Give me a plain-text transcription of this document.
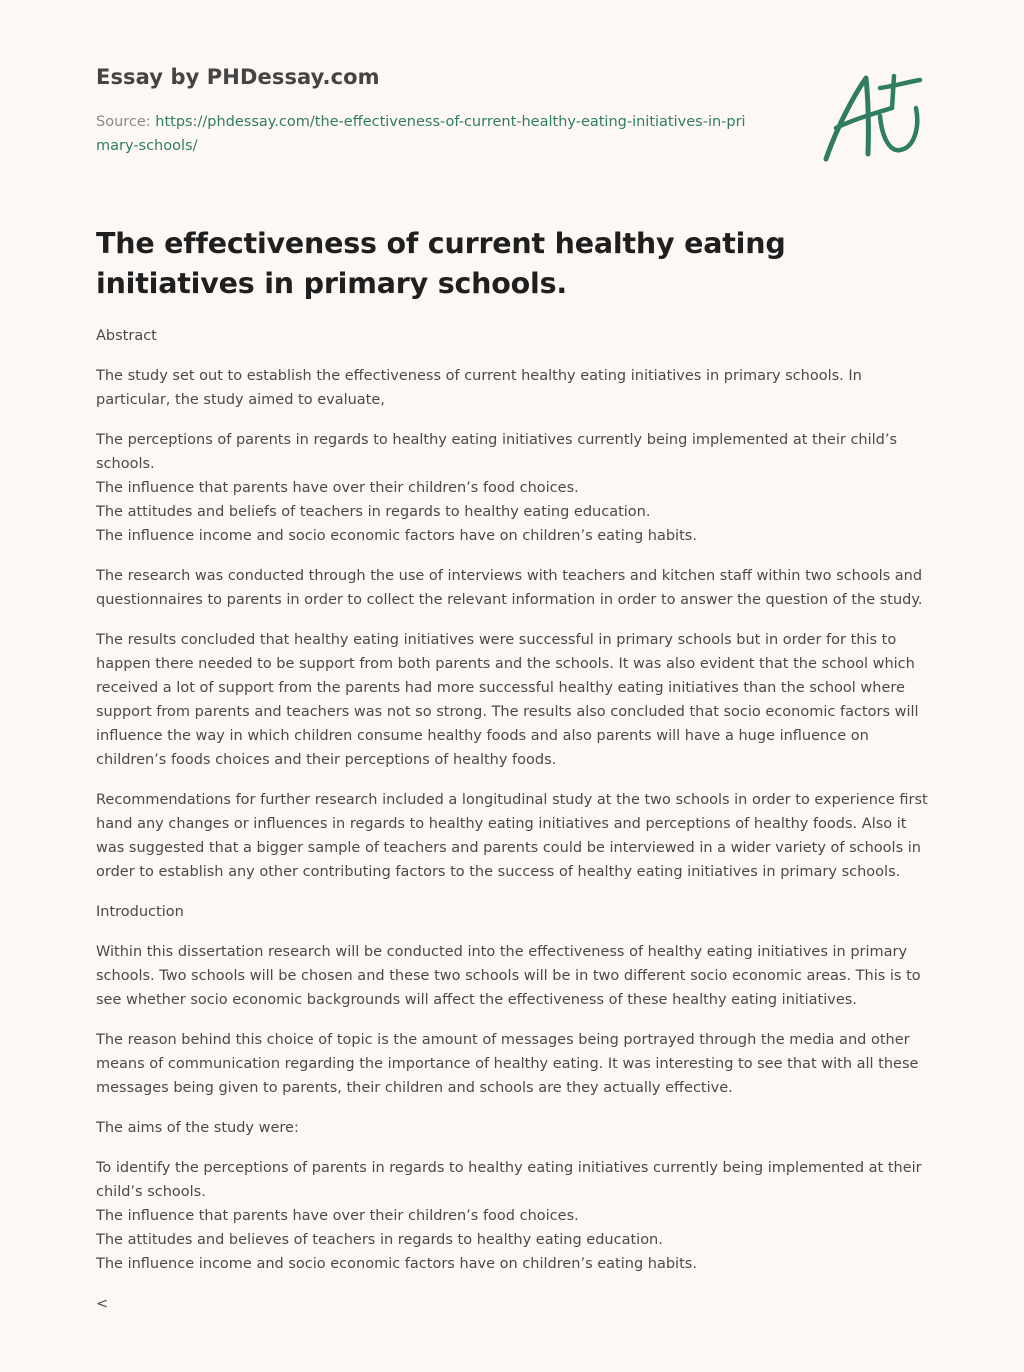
Essay by PHDessay.com
Source: https://phdessay.com/the-effectiveness-of-current-healthy-eating-initiatives-in-primary-schools/
The effectiveness of current healthy eating initiatives in primary schools.

Abstract

The study set out to establish the effectiveness of current healthy eating initiatives in primary schools. In particular, the study aimed to evaluate,

The perceptions of parents in regards to healthy eating initiatives currently being implemented at their child’s schools.
The influence that parents have over their children’s food choices.
The attitudes and beliefs of teachers in regards to healthy eating education.
The influence income and socio economic factors have on children’s eating habits.

The research was conducted through the use of interviews with teachers and kitchen staff within two schools and questionnaires to parents in order to collect the relevant information in order to answer the question of the study.

The results concluded that healthy eating initiatives were successful in primary schools but in order for this to happen there needed to be support from both parents and the schools. It was also evident that the school which received a lot of support from the parents had more successful healthy eating initiatives than the school where support from parents and teachers was not so strong. The results also concluded that socio economic factors will influence the way in which children consume healthy foods and also parents will have a huge influence on children’s foods choices and their perceptions of healthy foods.

Recommendations for further research included a longitudinal study at the two schools in order to experience first hand any changes or influences in regards to healthy eating initiatives and perceptions of healthy foods. Also it was suggested that a bigger sample of teachers and parents could be interviewed in a wider variety of schools in order to establish any other contributing factors to the success of healthy eating initiatives in primary schools.

Introduction

Within this dissertation research will be conducted into the effectiveness of healthy eating initiatives in primary schools. Two schools will be chosen and these two schools will be in two different socio economic areas. This is to see whether socio economic backgrounds will affect the effectiveness of these healthy eating initiatives.

The reason behind this choice of topic is the amount of messages being portrayed through the media and other means of communication regarding the importance of healthy eating. It was interesting to see that with all these messages being given to parents, their children and schools are they actually effective.

The aims of the study were:

To identify the perceptions of parents in regards to healthy eating initiatives currently being implemented at their child’s schools.
The influence that parents have over their children’s food choices.
The attitudes and believes of teachers in regards to healthy eating education.
The influence income and socio economic factors have on children’s eating habits.

<
